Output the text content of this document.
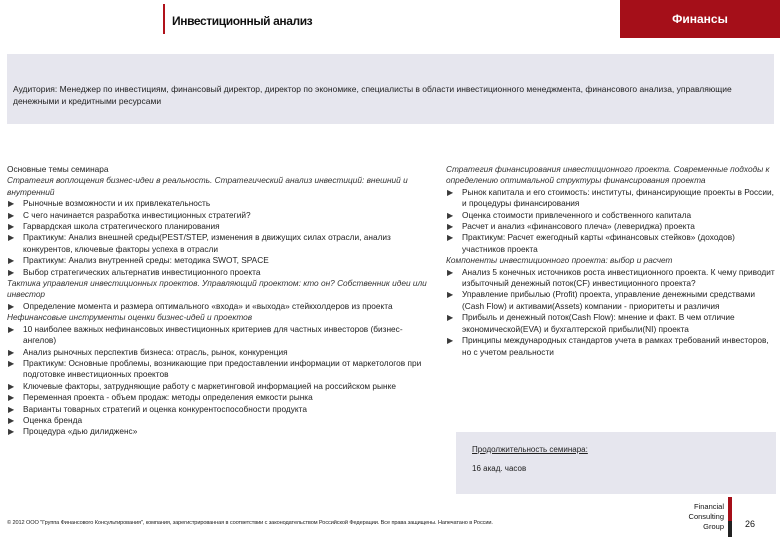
Инвестиционный анализ	Финансы

Аудитория: Менеджер по инвестициям, финансовый директор, директор по экономике, специалисты в области инвестиционного менеджмента, финансового анализа, управляющие денежными и кредитными ресурсами

Основные темы семинара
Стратегия воплощения бизнес-идеи в реальность. Стратегический анализ инвестиций: внешний и внутренний
▶ Рыночные возможности и их привлекательность
▶ С чего начинается разработка инвестиционных стратегий?
▶ Гарвардская школа стратегического планирования
▶ Практикум: Анализ внешней среды(PEST/STEP, изменения в движущих силах отрасли, анализ конкурентов, ключевые факторы успеха в отрасли
▶ Практикум: Анализ внутренней среды: методика SWOT, SPACE
▶ Выбор стратегических альтернатив инвестиционного проекта
Тактика управления инвестиционных проектов. Управляющий проектом: кто он? Собственник идеи или инвестор
▶ Определение момента и размера оптимального «входа» и «выхода» стейкхолдеров из проекта
Нефинансовые инструменты оценки бизнес-идей и проектов
▶ 10 наиболее важных нефинансовых инвестиционных критериев для частных инвесторов (бизнес-ангелов)
▶ Анализ рыночных перспектив бизнеса: отрасль, рынок, конкуренция
▶ Практикум: Основные проблемы, возникающие при предоставлении информации от маркетологов при подготовке инвестиционных проектов
▶ Ключевые факторы, затрудняющие работу с маркетинговой информацией на российском рынке
▶ Переменная проекта - объем продаж: методы определения емкости рынка
▶ Варианты товарных стратегий и оценка конкурентоспособности продукта
▶ Оценка бренда
▶ Процедура «дью дилидженс»
Стратегия финансирования инвестиционного проекта. Современные подходы к определению оптимальной структуры финансирования проекта
▶ Рынок капитала и его стоимость: институты, финансирующие проекты в России, и процедуры финансирования
▶ Оценка стоимости привлеченного и собственного капитала
▶ Расчет и анализ «финансового плеча» (левериджа) проекта
▶ Практикум: Расчет ежегодный карты «финансовых стейков» (доходов) участников проекта
Компоненты инвестиционного проекта: выбор и расчет
▶ Анализ 5 конечных источников роста инвестиционного проекта. К чему приводит избыточный денежный поток(CF) инвестиционного проекта?
▶ Управление прибылью (Profit) проекта, управление денежными средствами (Cash Flow) и активами(Assets) компании - приоритеты и различия
▶ Прибыль и денежный поток(Cash Flow): мнение и факт. В чем отличие экономической(EVA) и бухгалтерской прибыли(NI) проекта
▶ Принципы международных стандартов учета в рамках требований инвесторов, но с учетом реальности
Продолжительность семинара:
16 акад. часов
© 2012 ООО "Группа Финансового Консультирования", компания, зарегистрированная в соответствии с законодательством Российской Федерации. Все права защищены. Напечатано в России.
Financial
Consulting
Group 26
